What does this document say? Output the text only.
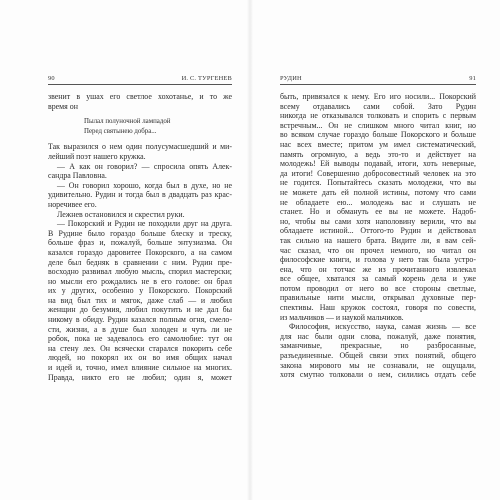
90	И. С. ТУРГЕНЕВ
звенит в ушах его светлое хохотанье, и то же
время он
Пылал полуночной лампадой
Перед святынею добра...
Так выразился о нем один полусумасшедший и ми-
лейший поэт нашего кружка.
— А как он говорил? — спросила опять Алек-
сандра Павловна.
— Он говорил хорошо, когда был в духе, но не
удивительно. Рудин и тогда был в двадцать раз крас-
норечивее его.
Лежнев остановился и скрестил руки.
— Покорский и Рудин не походили друг на друга.
В Рудине было гораздо больше блеску и треску,
больше фраз и, пожалуй, больше энтузиазма. Он
казался гораздо даровитее Покорского, а на самом
деле был бедняк в сравнении с ним. Рудин пре-
восходно развивал любую мысль, спорил мастерски;
но мысли его рождались не в его голове: он брал
их у других, особенно у Покорского. Покорский
на вид был тих и мягок, даже слаб — и любил
женщин до безумия, любил покутить и не дал бы
никому в обиду. Рудин казался полным огня, смело-
сти, жизни, а в душе был холоден и чуть ли не
робок, пока не задевалось его самолюбие: тут он
на стену лез. Он всячески старался покорить себе
людей, но покорял их он во имя общих начал
и идей и, точно, имел влияние сильное на многих.
Правда, никто его не любил; один я, может
РУДИН	91
быть, привязался к нему. Его иго носили... Покорский
всему отдавались сами собой. Зато Рудин
никогда не отказывался толковать и спорить с первым
встречным... Он не слишком много читал книг, но
во всяком случае гораздо больше Покорского и больше
нас всех вместе; притом ум имел систематический,
память огромную, а ведь это-то и действует на
молодежь! Ей выводы подавай, итоги, хоть неверные,
да итоги! Совершенно добросовестный человек на это
не годится. Попытайтесь сказать молодежи, что вы
не можете дать ей полной истины, потому что сами
не обладаете ею... молодежь вас и слушать не
станет. Но и обмануть ее вы не можете. Надоб-
но, чтобы вы сами хотя наполовину верили, что вы
обладаете истиной... Оттого-то Рудин и действовал
так сильно на нашего брата. Видите ли, я вам сей-
час сказал, что он прочел немного, но читал он
философские книги, и голова у него так была устро-
ена, что он тотчас же из прочитанного извлекал
все общее, хватался за самый корень дела и уже
потом проводил от него во все стороны светлые,
правильные нити мысли, открывал духовные пер-
спективы. Наш кружок состоял, говоря по совести,
из мальчиков — и наукой мальчиков.
Философия, искусство, наука, самая жизнь — все
для нас были одни слова, пожалуй, даже понятия,
заманчивые, прекрасные, но разбросанные,
разъединенные. Общей связи этих понятий, общего
закона мирового мы не сознавали, не ощущали,
хотя смутно толковали о нем, силились отдать себе
